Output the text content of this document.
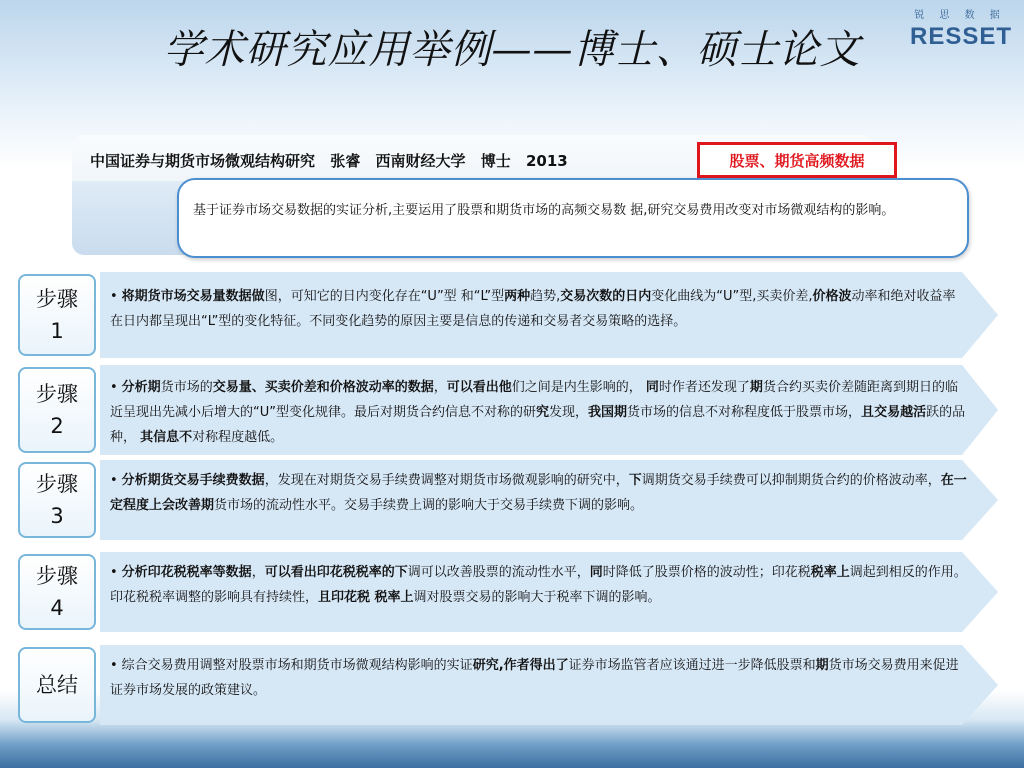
学术研究应用举例——博士、硕士论文
锐 思 数 据
RESSET
中国证券与期货市场微观结构研究 张睿 西南财经大学 博士 2013	股票、期货高频数据
基于证券市场交易数据的实证分析,主要运用了股票和期货市场的高频交易数 据,研究交易费用改变对市场微观结构的影响。
步骤
1
• 将期货市场交易量数据做图，可知它的日内变化存在“U”型 和“L”型两种趋势,交易次数的日内变化曲线为“U”型,买卖价差,价格波动率和绝对收益率在日内都呈现出“L”型的变化特征。不同变化趋势的原因主要是信息的传递和交易者交易策略的选择。
步骤
2
• 分析期货市场的交易量、买卖价差和价格波动率的数据，可以看出他们之间是内生影响的， 同时作者还发现了期货合约买卖价差随距离到期日的临近呈现出先减小后增大的“U”型变化规律。最后对期货合约信息不对称的研究发现，我国期货市场的信息不对称程度低于股票市场，且交易越活跃的品种， 其信息不对称程度越低。
步骤
3
• 分析期货交易手续费数据，发现在对期货交易手续费调整对期货市场微观影响的研究中，下调期货交易手续费可以抑制期货合约的价格波动率，在一定程度上会改善期货市场的流动性水平。交易手续费上调的影响大于交易手续费下调的影响。
步骤
4
• 分析印花税税率等数据，可以看出印花税税率的下调可以改善股票的流动性水平，同时降低了股票价格的波动性；印花税税率上调起到相反的作用。印花税税率调整的影响具有持续性，且印花税 税率上调对股票交易的影响大于税率下调的影响。
总结
• 综合交易费用调整对股票市场和期货市场微观结构影响的实证研究,作者得出了证券市场监管者应该通过进一步降低股票和期货市场交易费用来促进证券市场发展的政策建议。
